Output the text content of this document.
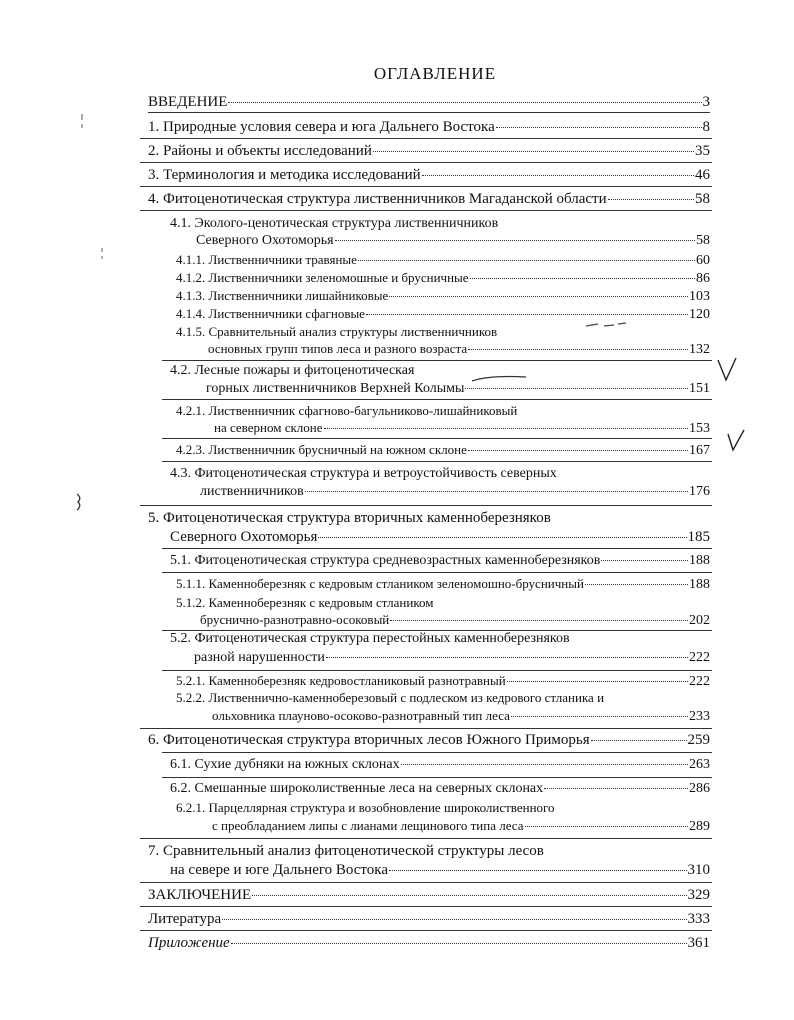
ОГЛАВЛЕНИЕ
ВВЕДЕНИЕ	3
1. Природные условия севера и юга Дальнего Востока	8
2. Районы и объекты исследований	35
3. Терминология и методика исследований	46
4. Фитоценотическая структура лиственничников Магаданской области	58
4.1. Эколого-ценотическая структура лиственничников
Северного Охотоморья	58
4.1.1. Лиственничники травяные	60
4.1.2. Лиственничники зеленомошные и брусничные	86
4.1.3. Лиственничники лишайниковые	103
4.1.4. Лиственничники сфагновые	120
4.1.5. Сравнительный анализ структуры лиственничников
основных групп типов леса и разного возраста	132
4.2. Лесные пожары и фитоценотическая
горных лиственничников Верхней Колымы	151
4.2.1. Лиственничник сфагново-багульниково-лишайниковый
на северном склоне	153
4.2.3. Лиственничник брусничный на южном склоне	167
4.3. Фитоценотическая структура и ветроустойчивость северных
лиственничников	176
5. Фитоценотическая структура вторичных каменноберезняков
Северного Охотоморья	185
5.1. Фитоценотическая структура средневозрастных каменноберезняков	188
5.1.1. Каменноберезняк с кедровым стлаником зеленомошно-брусничный	188
5.1.2. Каменноберезняк с кедровым стлаником
бруснично-разнотравно-осоковый	202
5.2. Фитоценотическая структура перестойных каменноберезняков
разной нарушенности	222
5.2.1. Каменноберезняк кедровостланиковый разнотравный	222
5.2.2. Лиственнично-каменноберезовый с подлеском из кедрового стланика и
ольховника плауново-осоково-разнотравный тип леса	233
6. Фитоценотическая структура вторичных лесов Южного Приморья	259
6.1. Сухие дубняки на южных склонах	263
6.2. Смешанные широколиственные леса на северных склонах	286
6.2.1. Парцеллярная структура и возобновление широколиственного
с преобладанием липы с лианами лещинового типа леса	289
7. Сравнительный анализ фитоценотической структуры лесов
на севере и юге Дальнего Востока	310
ЗАКЛЮЧЕНИЕ	329
Литература	333
Приложение	361
